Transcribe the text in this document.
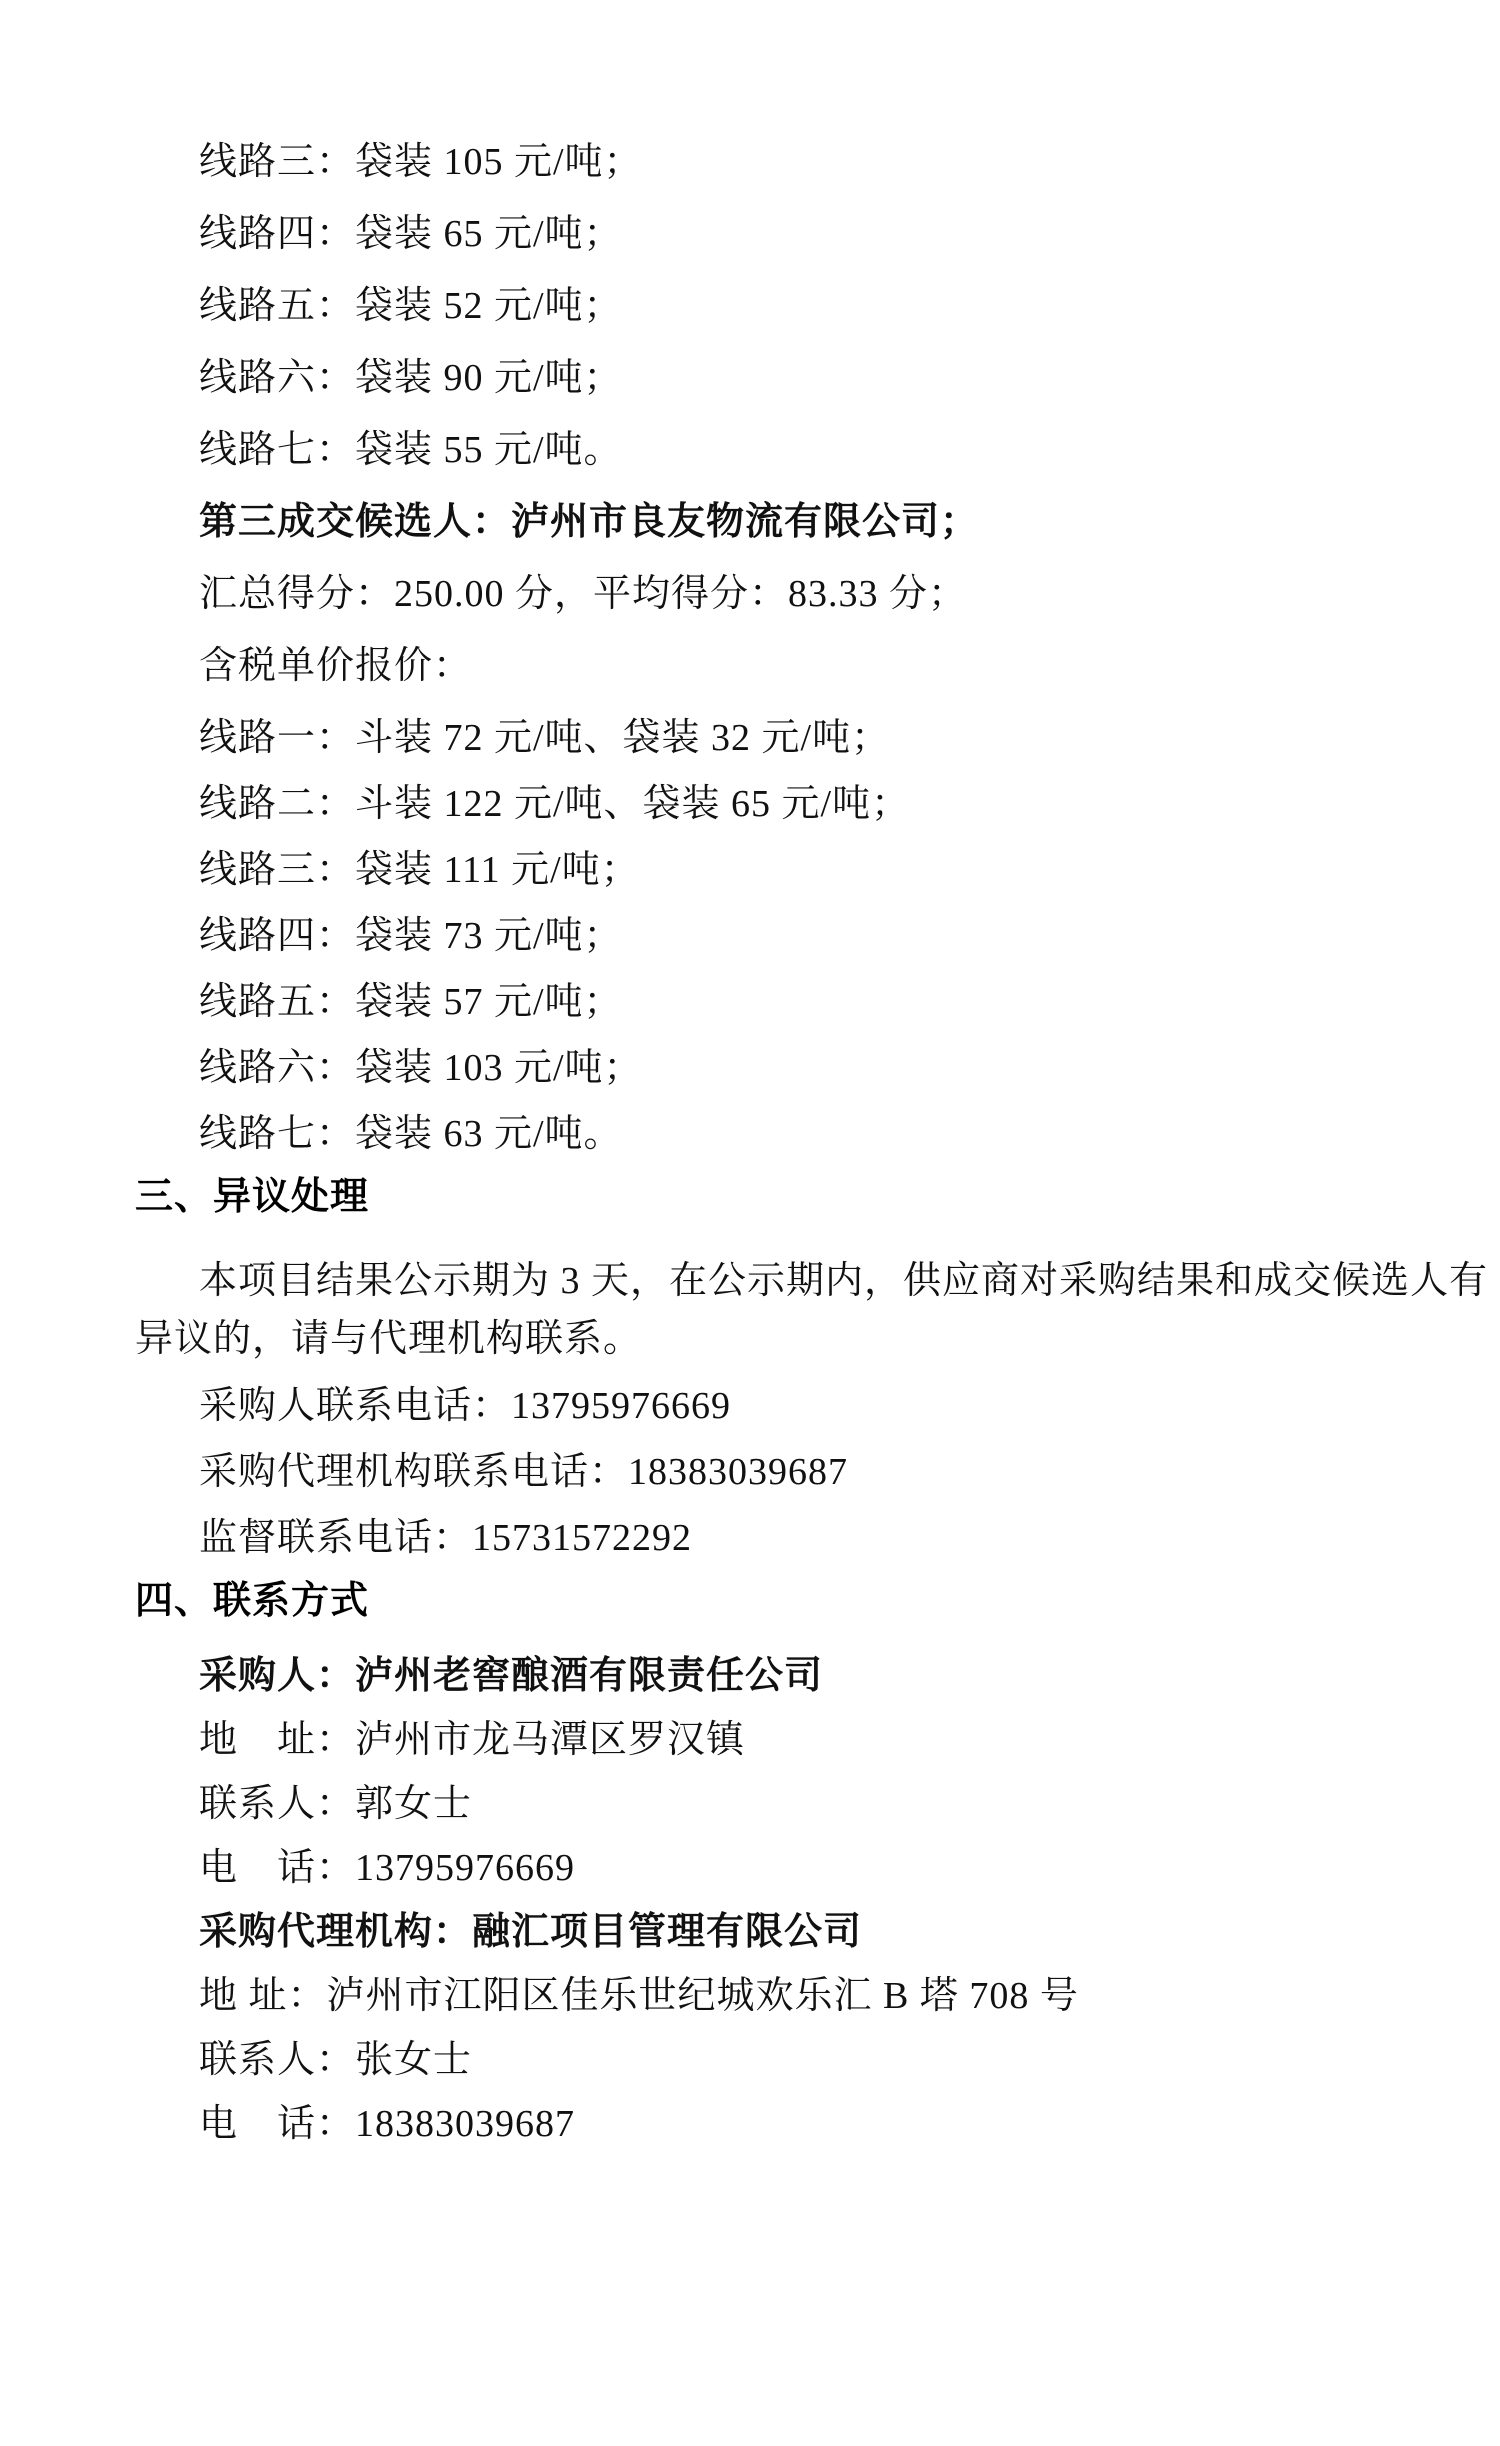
线路三：袋装 105 元/吨；

线路四：袋装 65 元/吨；

线路五：袋装 52 元/吨；

线路六：袋装 90 元/吨；

线路七：袋装 55 元/吨。

第三成交候选人：泸州市良友物流有限公司；

汇总得分：250.00 分，平均得分：83.33 分；

含税单价报价：

线路一：斗装 72 元/吨、袋装 32 元/吨；

线路二：斗装 122 元/吨、袋装 65 元/吨；

线路三：袋装 111 元/吨；

线路四：袋装 73 元/吨；

线路五：袋装 57 元/吨；

线路六：袋装 103 元/吨；

线路七：袋装 63 元/吨。

三、异议处理

本项目结果公示期为 3 天，在公示期内，供应商对采购结果和成交候选人有

异议的，请与代理机构联系。

采购人联系电话：13795976669

采购代理机构联系电话：18383039687

监督联系电话：15731572292

四、联系方式

采购人：泸州老窖酿酒有限责任公司

地　址：泸州市龙马潭区罗汉镇

联系人：郭女士

电　话：13795976669

采购代理机构：融汇项目管理有限公司

地 址：泸州市江阳区佳乐世纪城欢乐汇 B 塔 708 号

联系人：张女士

电　话：18383039687
